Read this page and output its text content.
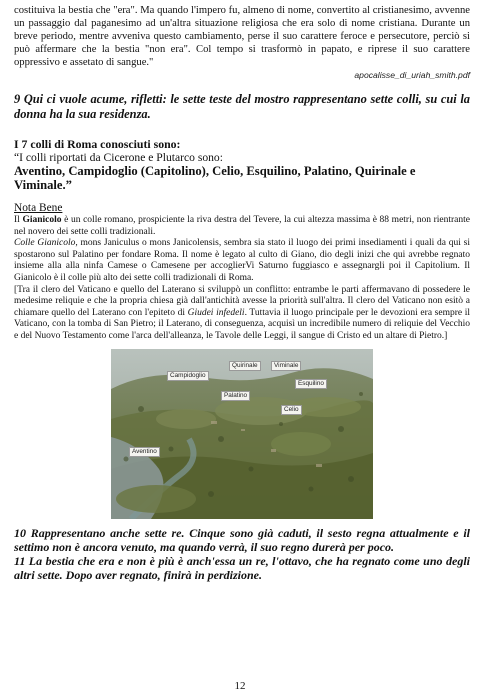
costituiva la bestia che "era". Ma quando l'impero fu, almeno di nome, convertito al cristianesimo, avvenne un passaggio dal paganesimo ad un'altra situazione religiosa che era solo di nome cristiana. Durante un breve periodo, mentre avveniva questo cambiamento, perse il suo carattere feroce e persecutore, perciò si può affermare che la bestia "non era". Col tempo si trasformò in papato, e riprese il suo carattere oppressivo e assetato di sangue."
apocalisse_di_uriah_smith.pdf
9 Qui ci vuole acume, rifletti: le sette teste del mostro rappresentano sette colli, su cui la donna ha la sua residenza.
I 7 colli di Roma conosciuti sono:
“I colli riportati da Cicerone e Plutarco sono:
Aventino, Campidoglio (Capitolino), Celio, Esquilino, Palatino, Quirinale e Viminale.”
Nota Bene
Il Gianicolo è un colle romano, prospiciente la riva destra del Tevere, la cui altezza massima è 88 metri, non rientrante nel novero dei sette colli tradizionali.
Colle Gianicolo, mons Janiculus o mons Janicolensis, sembra sia stato il luogo dei primi insediamenti i quali da qui si spostarono sul Palatino per fondare Roma. Il nome è legato al culto di Giano, dio degli inizi che qui avrebbe regnato insieme alla alla ninfa Camese o Camesene per accoglierVi Saturno fuggiasco e assegnargli poi il Capitolium. Il Gianicolo è il colle più alto dei sette colli tradizionali di Roma.
[Tra il clero del Vaticano e quello del Laterano si sviluppò un conflitto: entrambe le parti affermavano di possedere le medesime reliquie e che la propria chiesa già dall'antichità avesse la priorità sull'altra. Il clero del Vaticano non esitò a chiamare quello del Laterano con l'epiteto di Giudei infedeli. Tuttavia il luogo principale per le devozioni era sempre il Vaticano, con la tomba di San Pietro; il Laterano, di conseguenza, acquisì un incredibile numero di reliquie del Vecchio e del Nuovo Testamento come l'arca dell'alleanza, le Tavole delle Leggi, il sangue di Cristo ed un altare di Pietro.]
Quirinale	Viminale
Campidoglio
Esquilino
Palatino
Celio
Aventino
10 Rappresentano anche sette re. Cinque sono già caduti, il sesto regna attualmente e il settimo non è ancora venuto, ma quando verrà, il suo regno durerà per poco.
11 La bestia che era e non è più è anch'essa un re, l'ottavo, che ha regnato come uno degli altri sette. Dopo aver regnato, finirà in perdizione.
12
